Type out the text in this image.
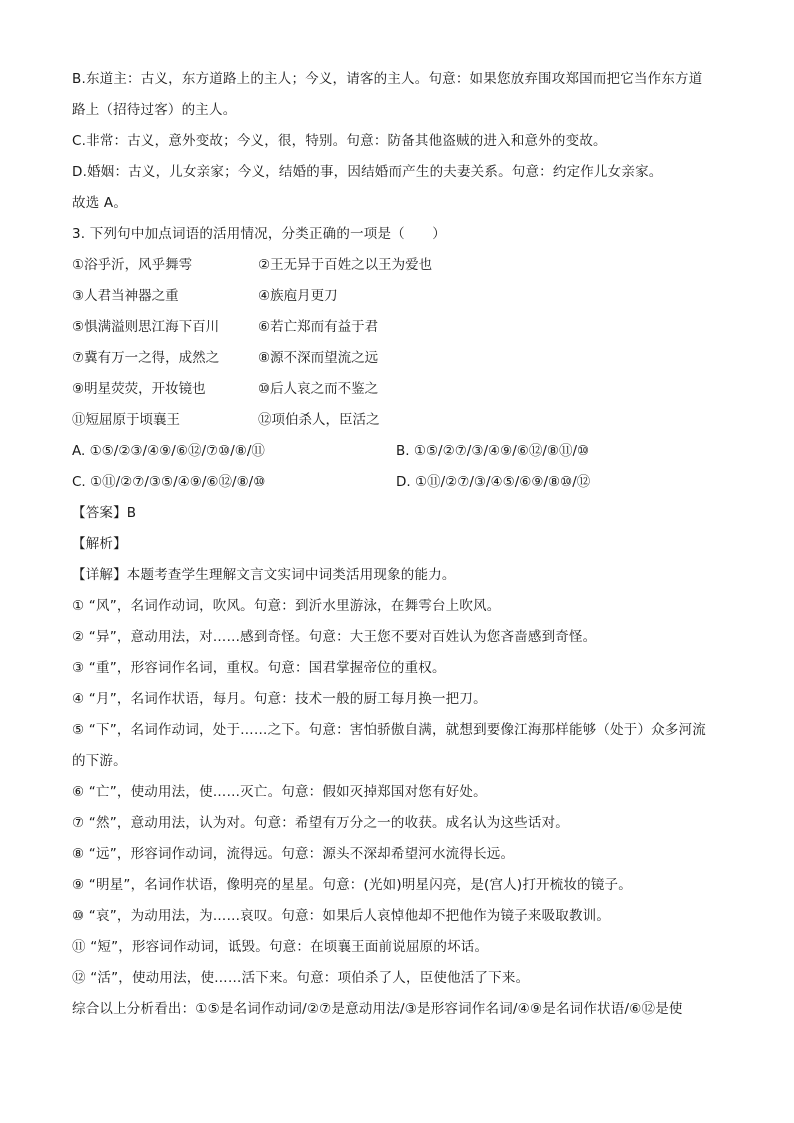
B.东道主：古义，东方道路上的主人；今义，请客的主人。句意：如果您放弃围攻郑国而把它当作东方道
路上（招待过客）的主人。
C.非常：古义，意外变故；今义，很，特别。句意：防备其他盗贼的进入和意外的变故。
D.婚姻：古义，儿女亲家；今义，结婚的事，因结婚而产生的夫妻关系。句意：约定作儿女亲家。
故选 A。
3. 下列句中加点词语的活用情况，分类正确的一项是（　　）
①浴乎沂，风乎舞雩	②王无异于百姓之以王为爱也
③人君当神器之重	④族庖月更刀
⑤惧满溢则思江海下百川	⑥若亡郑而有益于君
⑦冀有万一之得，成然之	⑧源不深而望流之远
⑨明星荧荧，开妆镜也	⑩后人哀之而不鉴之
⑪短屈原于顷襄王	⑫项伯杀人，臣活之
A. ①⑤/②③/④⑨/⑥⑫/⑦⑩/⑧/⑪	B. ①⑤/②⑦/③/④⑨/⑥⑫/⑧⑪/⑩
C. ①⑪/②⑦/③⑤/④⑨/⑥⑫/⑧/⑩	D. ①⑪/②⑦/③/④⑤/⑥⑨/⑧⑩/⑫
【答案】B
【解析】
【详解】本题考查学生理解文言文实词中词类活用现象的能力。
① “风”，名词作动词，吹风。句意：到沂水里游泳，在舞雩台上吹风。
② “异”，意动用法，对……感到奇怪。句意：大王您不要对百姓认为您吝啬感到奇怪。
③ “重”，形容词作名词，重权。句意：国君掌握帝位的重权。
④ “月”，名词作状语，每月。句意：技术一般的厨工每月换一把刀。
⑤ “下”，名词作动词，处于……之下。句意：害怕骄傲自满，就想到要像江海那样能够（处于）众多河流
的下游。
⑥ “亡”，使动用法，使……灭亡。句意：假如灭掉郑国对您有好处。
⑦ “然”，意动用法，认为对。句意：希望有万分之一的收获。成名认为这些话对。
⑧ “远”，形容词作动词，流得远。句意：源头不深却希望河水流得长远。
⑨ “明星”，名词作状语，像明亮的星星。句意：(光如)明星闪亮，是(宫人)打开梳妆的镜子。
⑩ “哀”，为动用法，为……哀叹。句意：如果后人哀悼他却不把他作为镜子来吸取教训。
⑪ “短”，形容词作动词，诋毁。句意：在顷襄王面前说屈原的坏话。
⑫ “活”，使动用法，使……活下来。句意：项伯杀了人，臣使他活了下来。
综合以上分析看出：①⑤是名词作动词/②⑦是意动用法/③是形容词作名词/④⑨是名词作状语/⑥⑫是使
